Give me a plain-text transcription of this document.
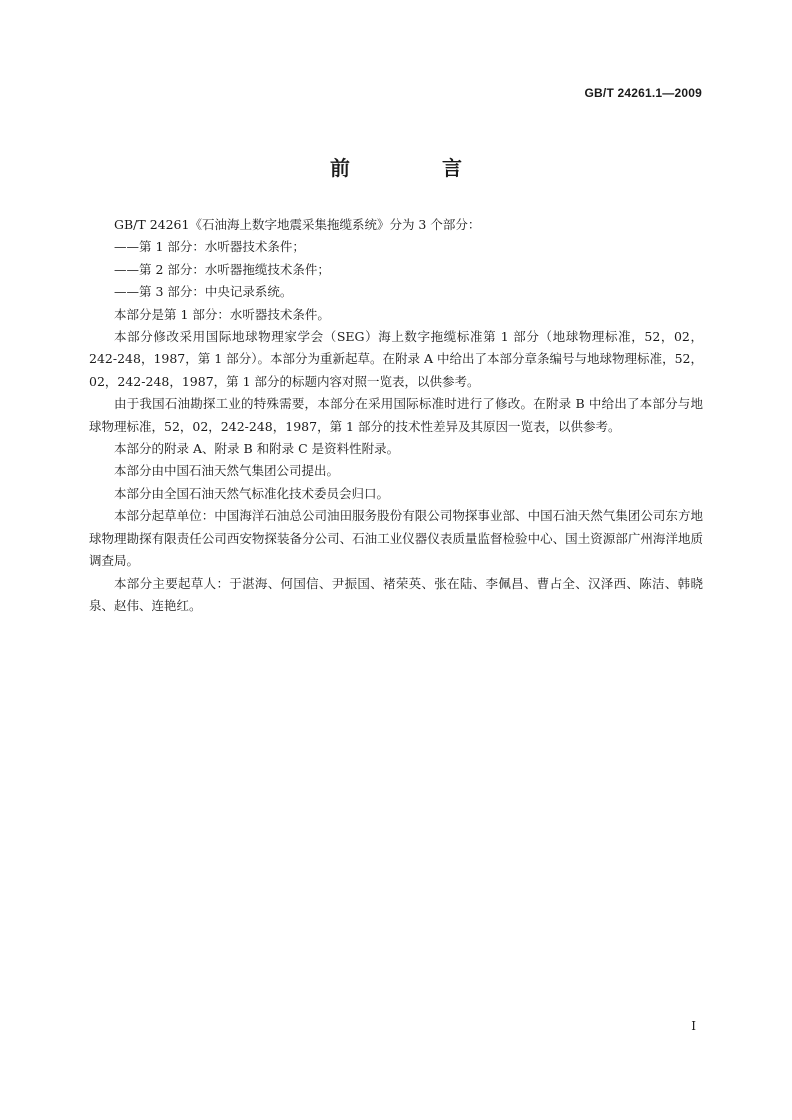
GB/T 24261.1—2009
前　言

GB/T 24261《石油海上数字地震采集拖缆系统》分为 3 个部分：

——第 1 部分：水听器技术条件；

——第 2 部分：水听器拖缆技术条件；

——第 3 部分：中央记录系统。

本部分是第 1 部分：水听器技术条件。

本部分修改采用国际地球物理家学会（SEG）海上数字拖缆标准第 1 部分（地球物理标准，52，02，242-248，1987，第 1 部分）。本部分为重新起草。在附录 A 中给出了本部分章条编号与地球物理标准，52，02，242-248，1987，第 1 部分的标题内容对照一览表，以供参考。

由于我国石油勘探工业的特殊需要，本部分在采用国际标准时进行了修改。在附录 B 中给出了本部分与地球物理标准，52，02，242-248，1987，第 1 部分的技术性差异及其原因一览表，以供参考。

本部分的附录 A、附录 B 和附录 C 是资料性附录。

本部分由中国石油天然气集团公司提出。

本部分由全国石油天然气标准化技术委员会归口。

本部分起草单位：中国海洋石油总公司油田服务股份有限公司物探事业部、中国石油天然气集团公司东方地球物理勘探有限责任公司西安物探装备分公司、石油工业仪器仪表质量监督检验中心、国土资源部广州海洋地质调查局。

本部分主要起草人：于湛海、何国信、尹振国、褚荣英、张在陆、李佩昌、曹占全、汉泽西、陈洁、韩晓泉、赵伟、连艳红。

I
